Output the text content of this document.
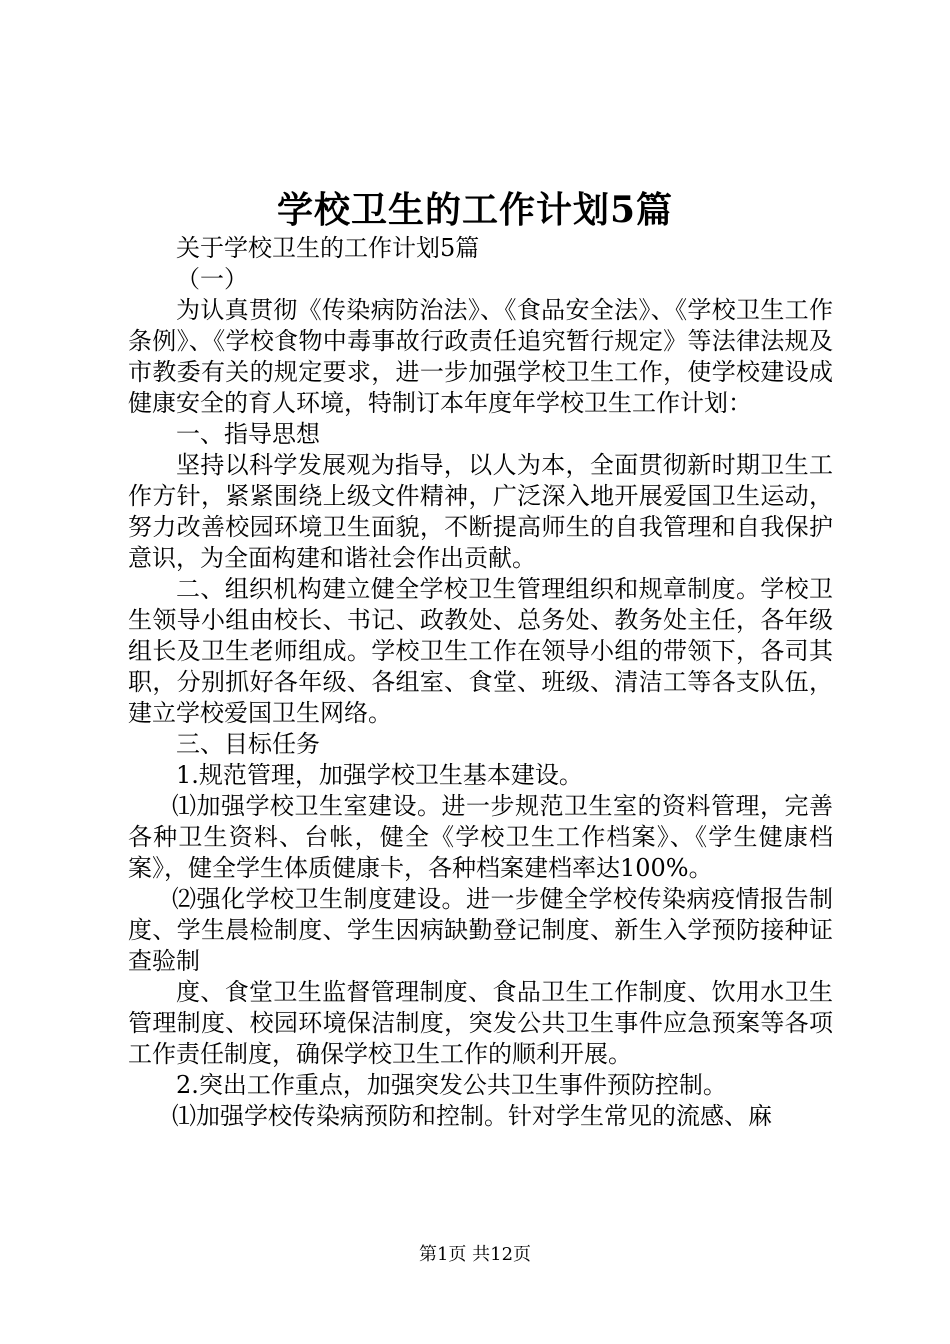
学校卫生的工作计划5篇

关于学校卫生的工作计划5篇

（一）

为认真贯彻《传染病防治法》、《食品安全法》、《学校卫生工作条例》、《学校食物中毒事故行政责任追究暂行规定》等法律法规及市教委有关的规定要求，进一步加强学校卫生工作，使学校建设成健康安全的育人环境，特制订本年度年学校卫生工作计划：

一、指导思想

坚持以科学发展观为指导，以人为本，全面贯彻新时期卫生工作方针，紧紧围绕上级文件精神，广泛深入地开展爱国卫生运动，努力改善校园环境卫生面貌，不断提高师生的自我管理和自我保护意识，为全面构建和谐社会作出贡献。

二、组织机构建立健全学校卫生管理组织和规章制度。学校卫生领导小组由校长、书记、政教处、总务处、教务处主任，各年级组长及卫生老师组成。学校卫生工作在领导小组的带领下，各司其职，分别抓好各年级、各组室、食堂、班级、清洁工等各支队伍，建立学校爱国卫生网络。

三、目标任务

1.规范管理，加强学校卫生基本建设。

⑴加强学校卫生室建设。进一步规范卫生室的资料管理，完善各种卫生资料、台帐，健全《学校卫生工作档案》、《学生健康档案》，健全学生体质健康卡，各种档案建档率达100%。

⑵强化学校卫生制度建设。进一步健全学校传染病疫情报告制度、学生晨检制度、学生因病缺勤登记制度、新生入学预防接种证查验制

度、食堂卫生监督管理制度、食品卫生工作制度、饮用水卫生管理制度、校园环境保洁制度，突发公共卫生事件应急预案等各项工作责任制度，确保学校卫生工作的顺利开展。

2.突出工作重点，加强突发公共卫生事件预防控制。

⑴加强学校传染病预防和控制。针对学生常见的流感、麻

第1页 共12页
